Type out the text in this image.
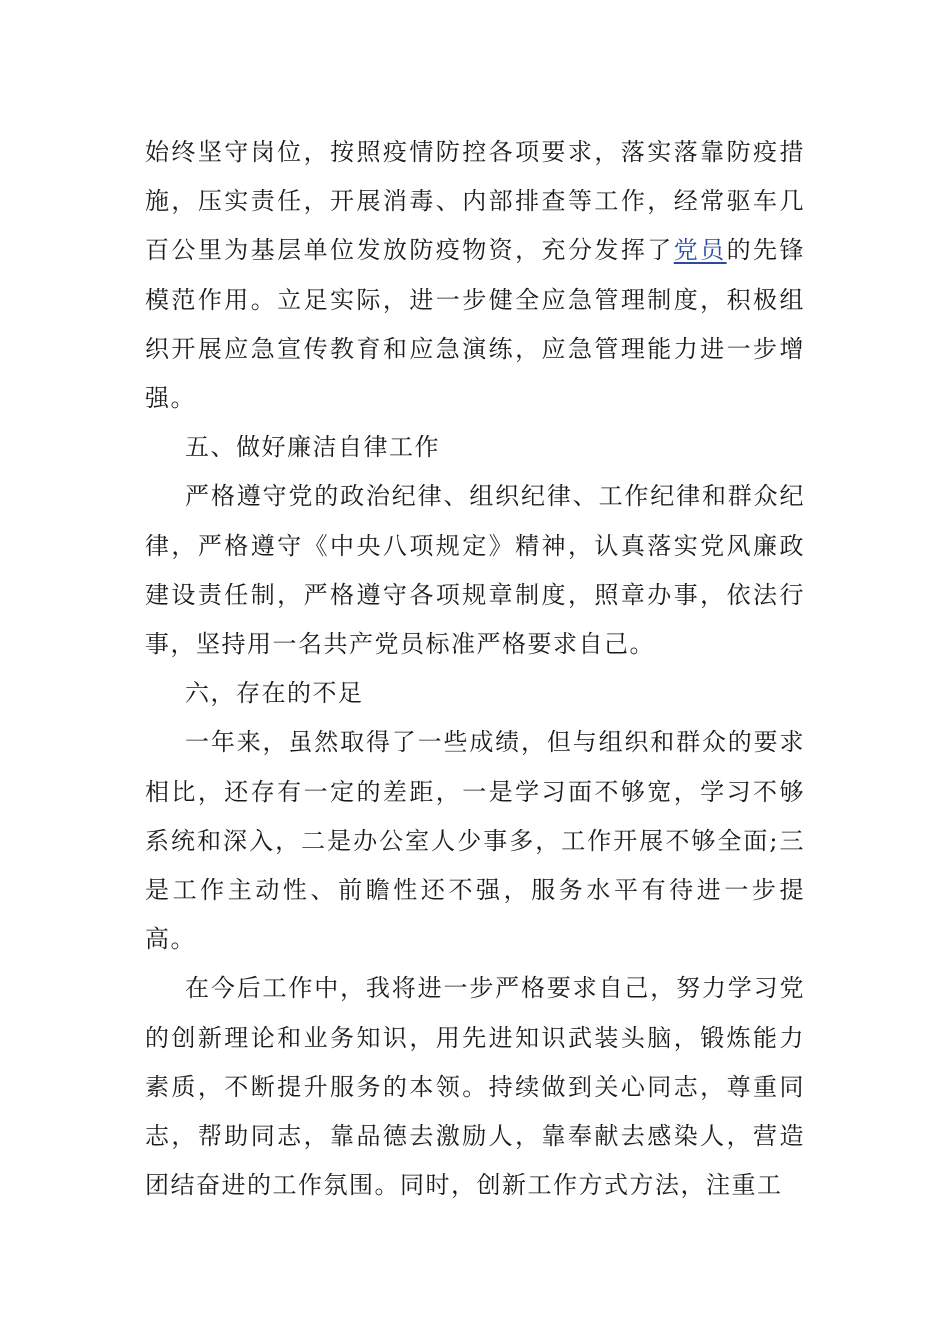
始终坚守岗位，按照疫情防控各项要求，落实落靠防疫措施，压实责任，开展消毒、内部排查等工作，经常驱车几百公里为基层单位发放防疫物资，充分发挥了党员的先锋模范作用。立足实际，进一步健全应急管理制度，积极组织开展应急宣传教育和应急演练，应急管理能力进一步增强。

五、做好廉洁自律工作

严格遵守党的政治纪律、组织纪律、工作纪律和群众纪律，严格遵守《中央八项规定》精神，认真落实党风廉政建设责任制，严格遵守各项规章制度，照章办事，依法行事，坚持用一名共产党员标准严格要求自己。

六，存在的不足

一年来，虽然取得了一些成绩，但与组织和群众的要求相比，还存有一定的差距，一是学习面不够宽，学习不够系统和深入，二是办公室人少事多，工作开展不够全面;三是工作主动性、前瞻性还不强，服务水平有待进一步提高。

在今后工作中，我将进一步严格要求自己，努力学习党的创新理论和业务知识，用先进知识武装头脑，锻炼能力素质，不断提升服务的本领。持续做到关心同志，尊重同志，帮助同志，靠品德去激励人，靠奉献去感染人，营造团结奋进的工作氛围。同时，创新工作方式方法，注重工
